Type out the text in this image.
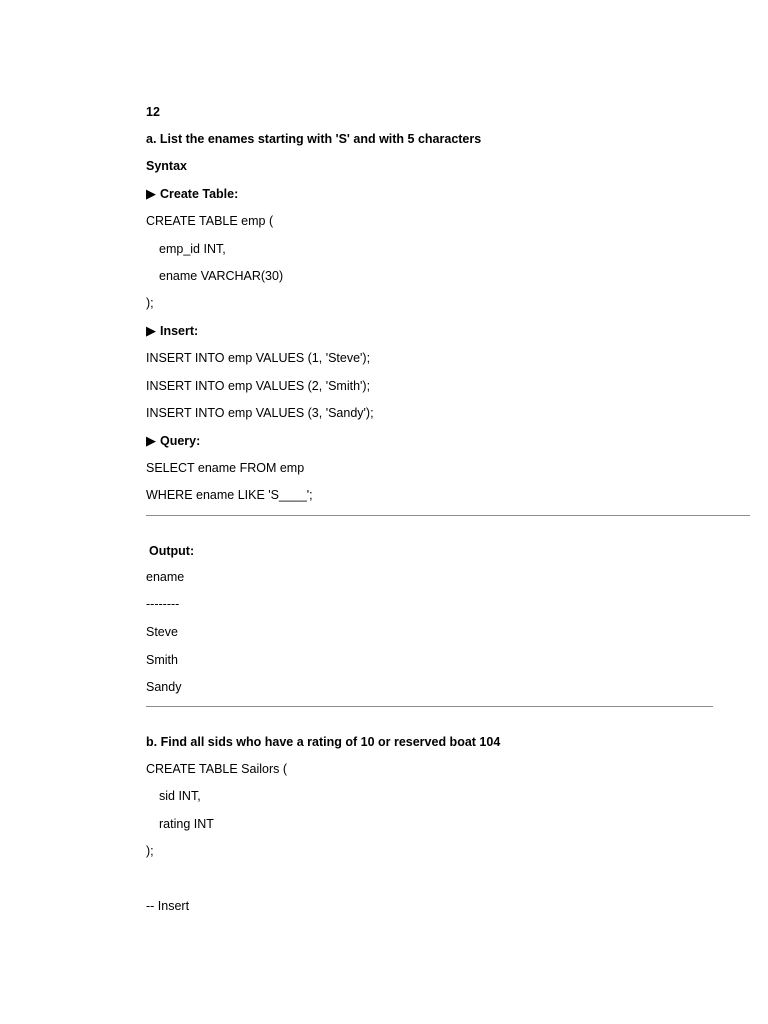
12
a. List the enames starting with 'S' and with 5 characters
Syntax
▶ Create Table:
CREATE TABLE emp (
emp_id INT,
ename VARCHAR(30)
);
▶ Insert:
INSERT INTO emp VALUES (1, 'Steve');
INSERT INTO emp VALUES (2, 'Smith');
INSERT INTO emp VALUES (3, 'Sandy');
▶ Query:
SELECT ename FROM emp
WHERE ename LIKE 'S____';
Output:
ename
--------
Steve
Smith
Sandy
b. Find all sids who have a rating of 10 or reserved boat 104
CREATE TABLE Sailors (
sid INT,
rating INT
);
-- Insert
